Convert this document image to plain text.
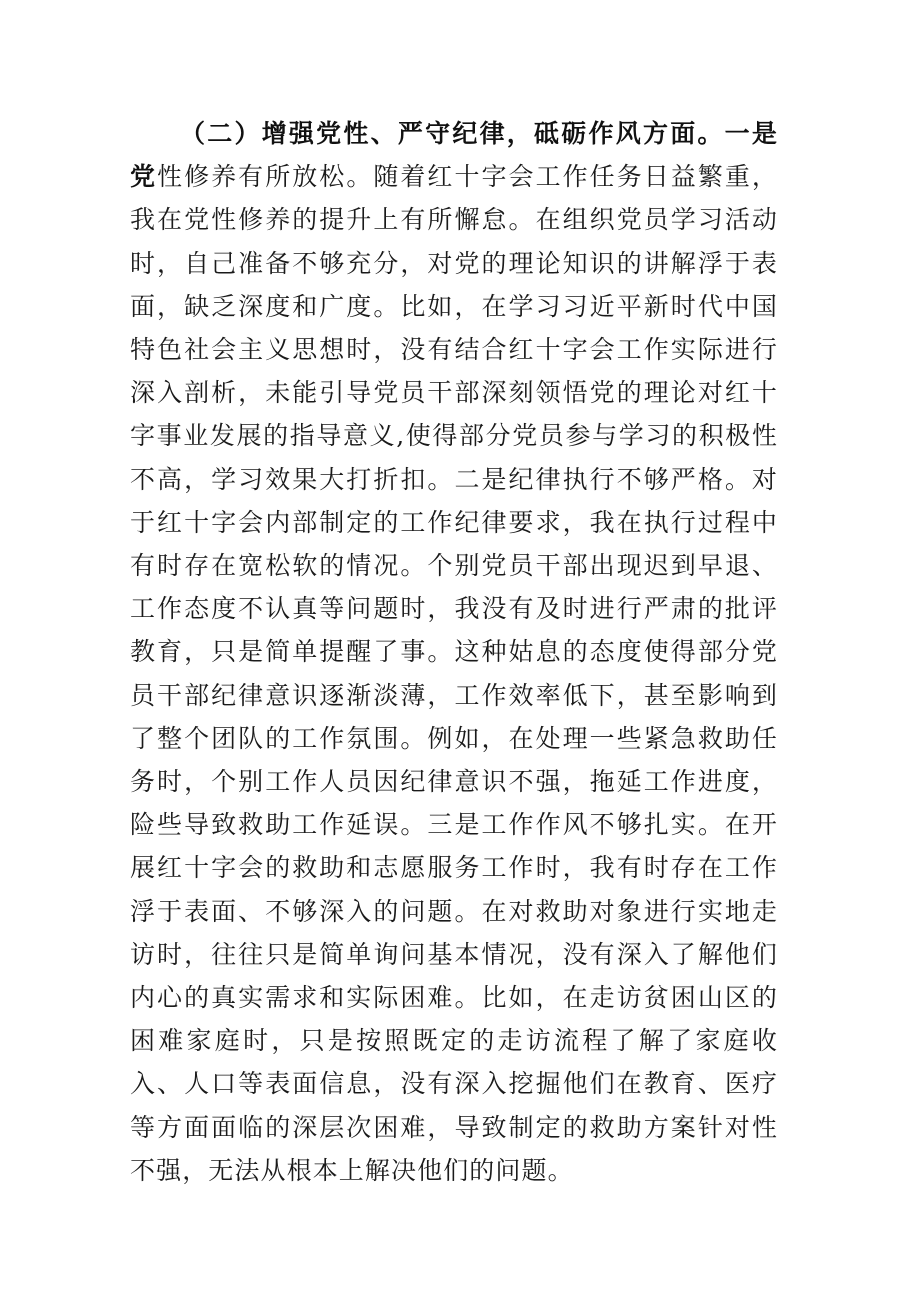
（二）增强党性、严守纪律，砥砺作风方面。一是党性修养有所放松。随着红十字会工作任务日益繁重，我在党性修养的提升上有所懈怠。在组织党员学习活动时，自己准备不够充分，对党的理论知识的讲解浮于表面，缺乏深度和广度。比如，在学习习近平新时代中国特色社会主义思想时，没有结合红十字会工作实际进行深入剖析，未能引导党员干部深刻领悟党的理论对红十字事业发展的指导意义,使得部分党员参与学习的积极性不高，学习效果大打折扣。二是纪律执行不够严格。对于红十字会内部制定的工作纪律要求，我在执行过程中有时存在宽松软的情况。个别党员干部出现迟到早退、工作态度不认真等问题时，我没有及时进行严肃的批评教育，只是简单提醒了事。这种姑息的态度使得部分党员干部纪律意识逐渐淡薄，工作效率低下，甚至影响到了整个团队的工作氛围。例如，在处理一些紧急救助任务时，个别工作人员因纪律意识不强，拖延工作进度，险些导致救助工作延误。三是工作作风不够扎实。在开展红十字会的救助和志愿服务工作时，我有时存在工作浮于表面、不够深入的问题。在对救助对象进行实地走访时，往往只是简单询问基本情况，没有深入了解他们内心的真实需求和实际困难。比如，在走访贫困山区的困难家庭时，只是按照既定的走访流程了解了家庭收入、人口等表面信息，没有深入挖掘他们在教育、医疗等方面面临的深层次困难，导致制定的救助方案针对性不强，无法从根本上解决他们的问题。
